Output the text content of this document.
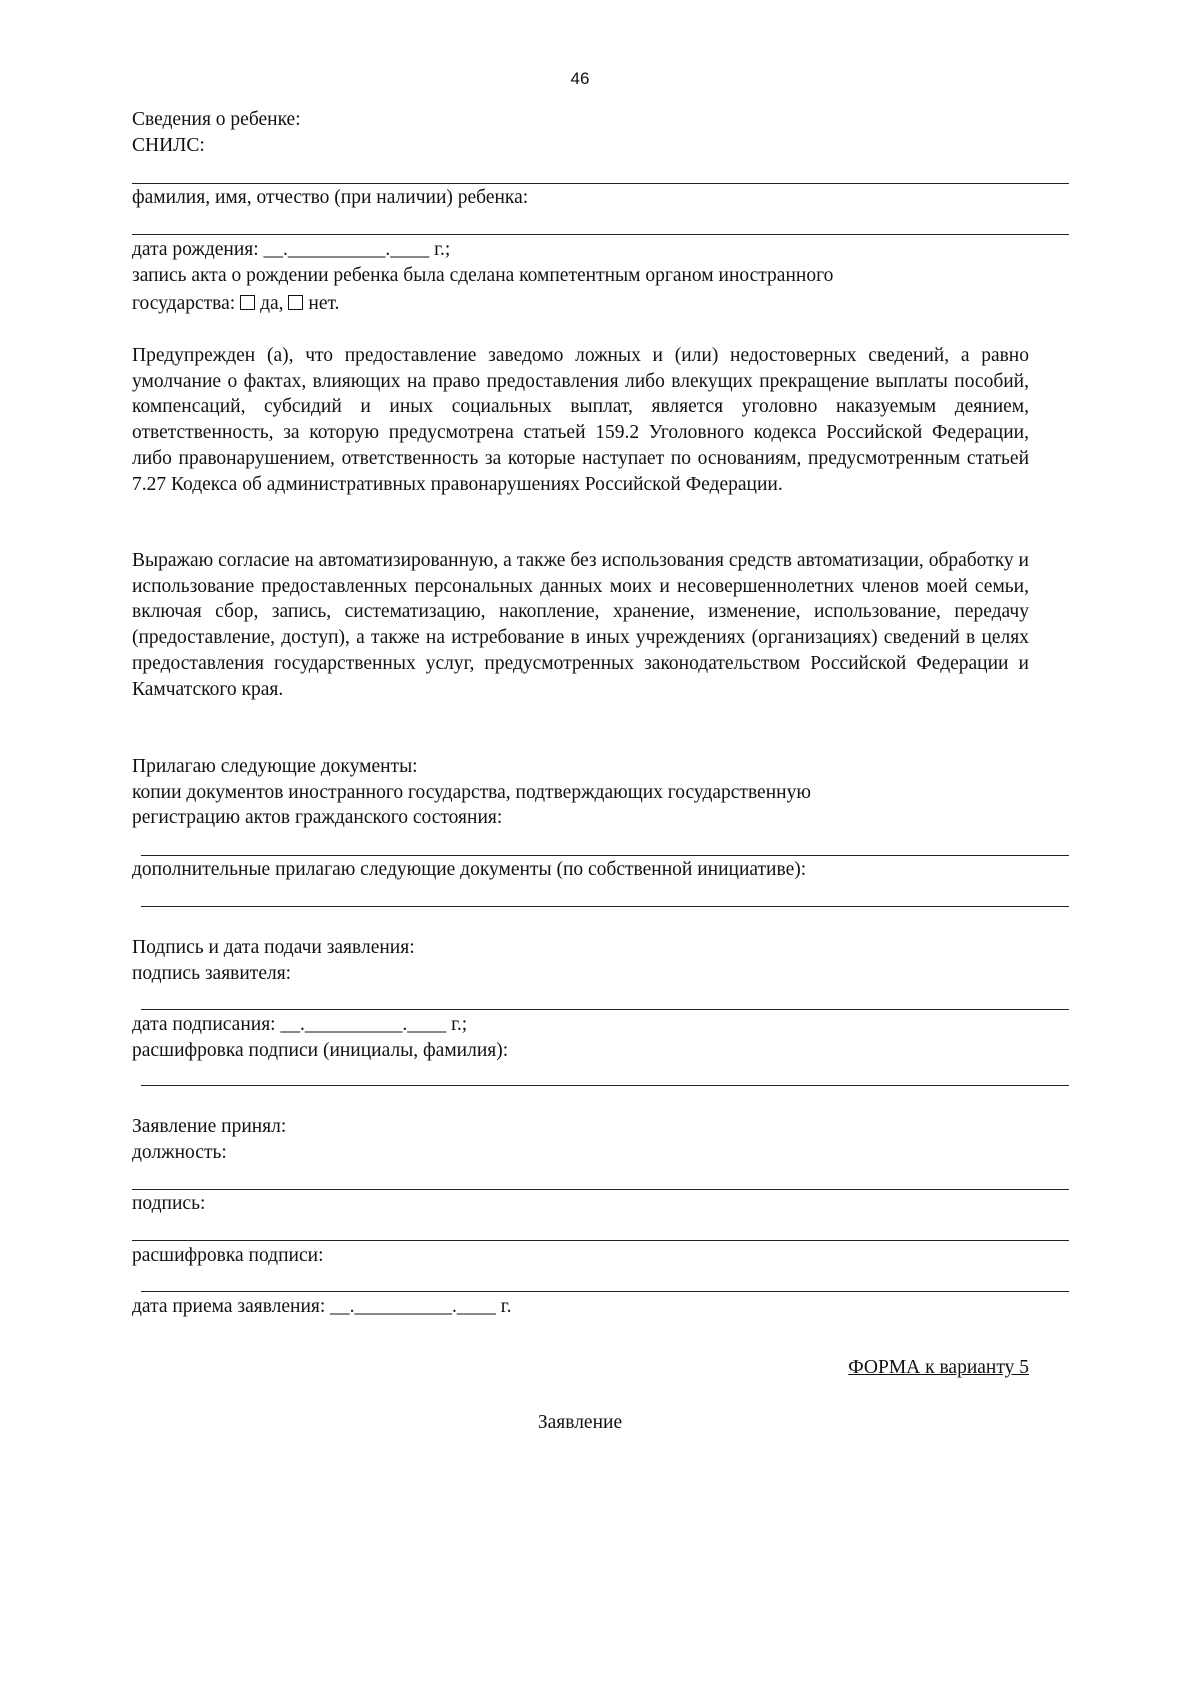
46
Сведения о ребенке:
СНИЛС:
фамилия, имя, отчество (при наличии) ребенка:
дата рождения: __.__________.____ г.;
запись акта о рождении ребенка была сделана компетентным органом иностранного
государства: да, нет.
Предупрежден (а), что предоставление заведомо ложных и (или) недостоверных сведений, а равно умолчание о фактах, влияющих на право предоставления либо влекущих прекращение выплаты пособий, компенсаций, субсидий и иных социальных выплат, является уголовно наказуемым деянием, ответственность, за которую предусмотрена статьей 159.2 Уголовного кодекса Российской Федерации, либо правонарушением, ответственность за которые наступает по основаниям, предусмотренным статьей 7.27 Кодекса об административных правонарушениях Российской Федерации.
Выражаю согласие на автоматизированную, а также без использования средств автоматизации, обработку и использование предоставленных персональных данных моих и несовершеннолетних членов моей семьи, включая сбор, запись, систематизацию, накопление, хранение, изменение, использование, передачу (предоставление, доступ), а также на истребование в иных учреждениях (организациях) сведений в целях предоставления государственных услуг, предусмотренных законодательством Российской Федерации и Камчатского края.
Прилагаю следующие документы:
копии документов иностранного государства, подтверждающих государственную
регистрацию актов гражданского состояния:
дополнительные прилагаю следующие документы (по собственной инициативе):
Подпись и дата подачи заявления:
подпись заявителя:
дата подписания: __.__________.____ г.;
расшифровка подписи (инициалы, фамилия):
Заявление принял:
должность:
подпись:
расшифровка подписи:
дата приема заявления: __.__________.____ г.
ФОРМА к варианту 5
Заявление
